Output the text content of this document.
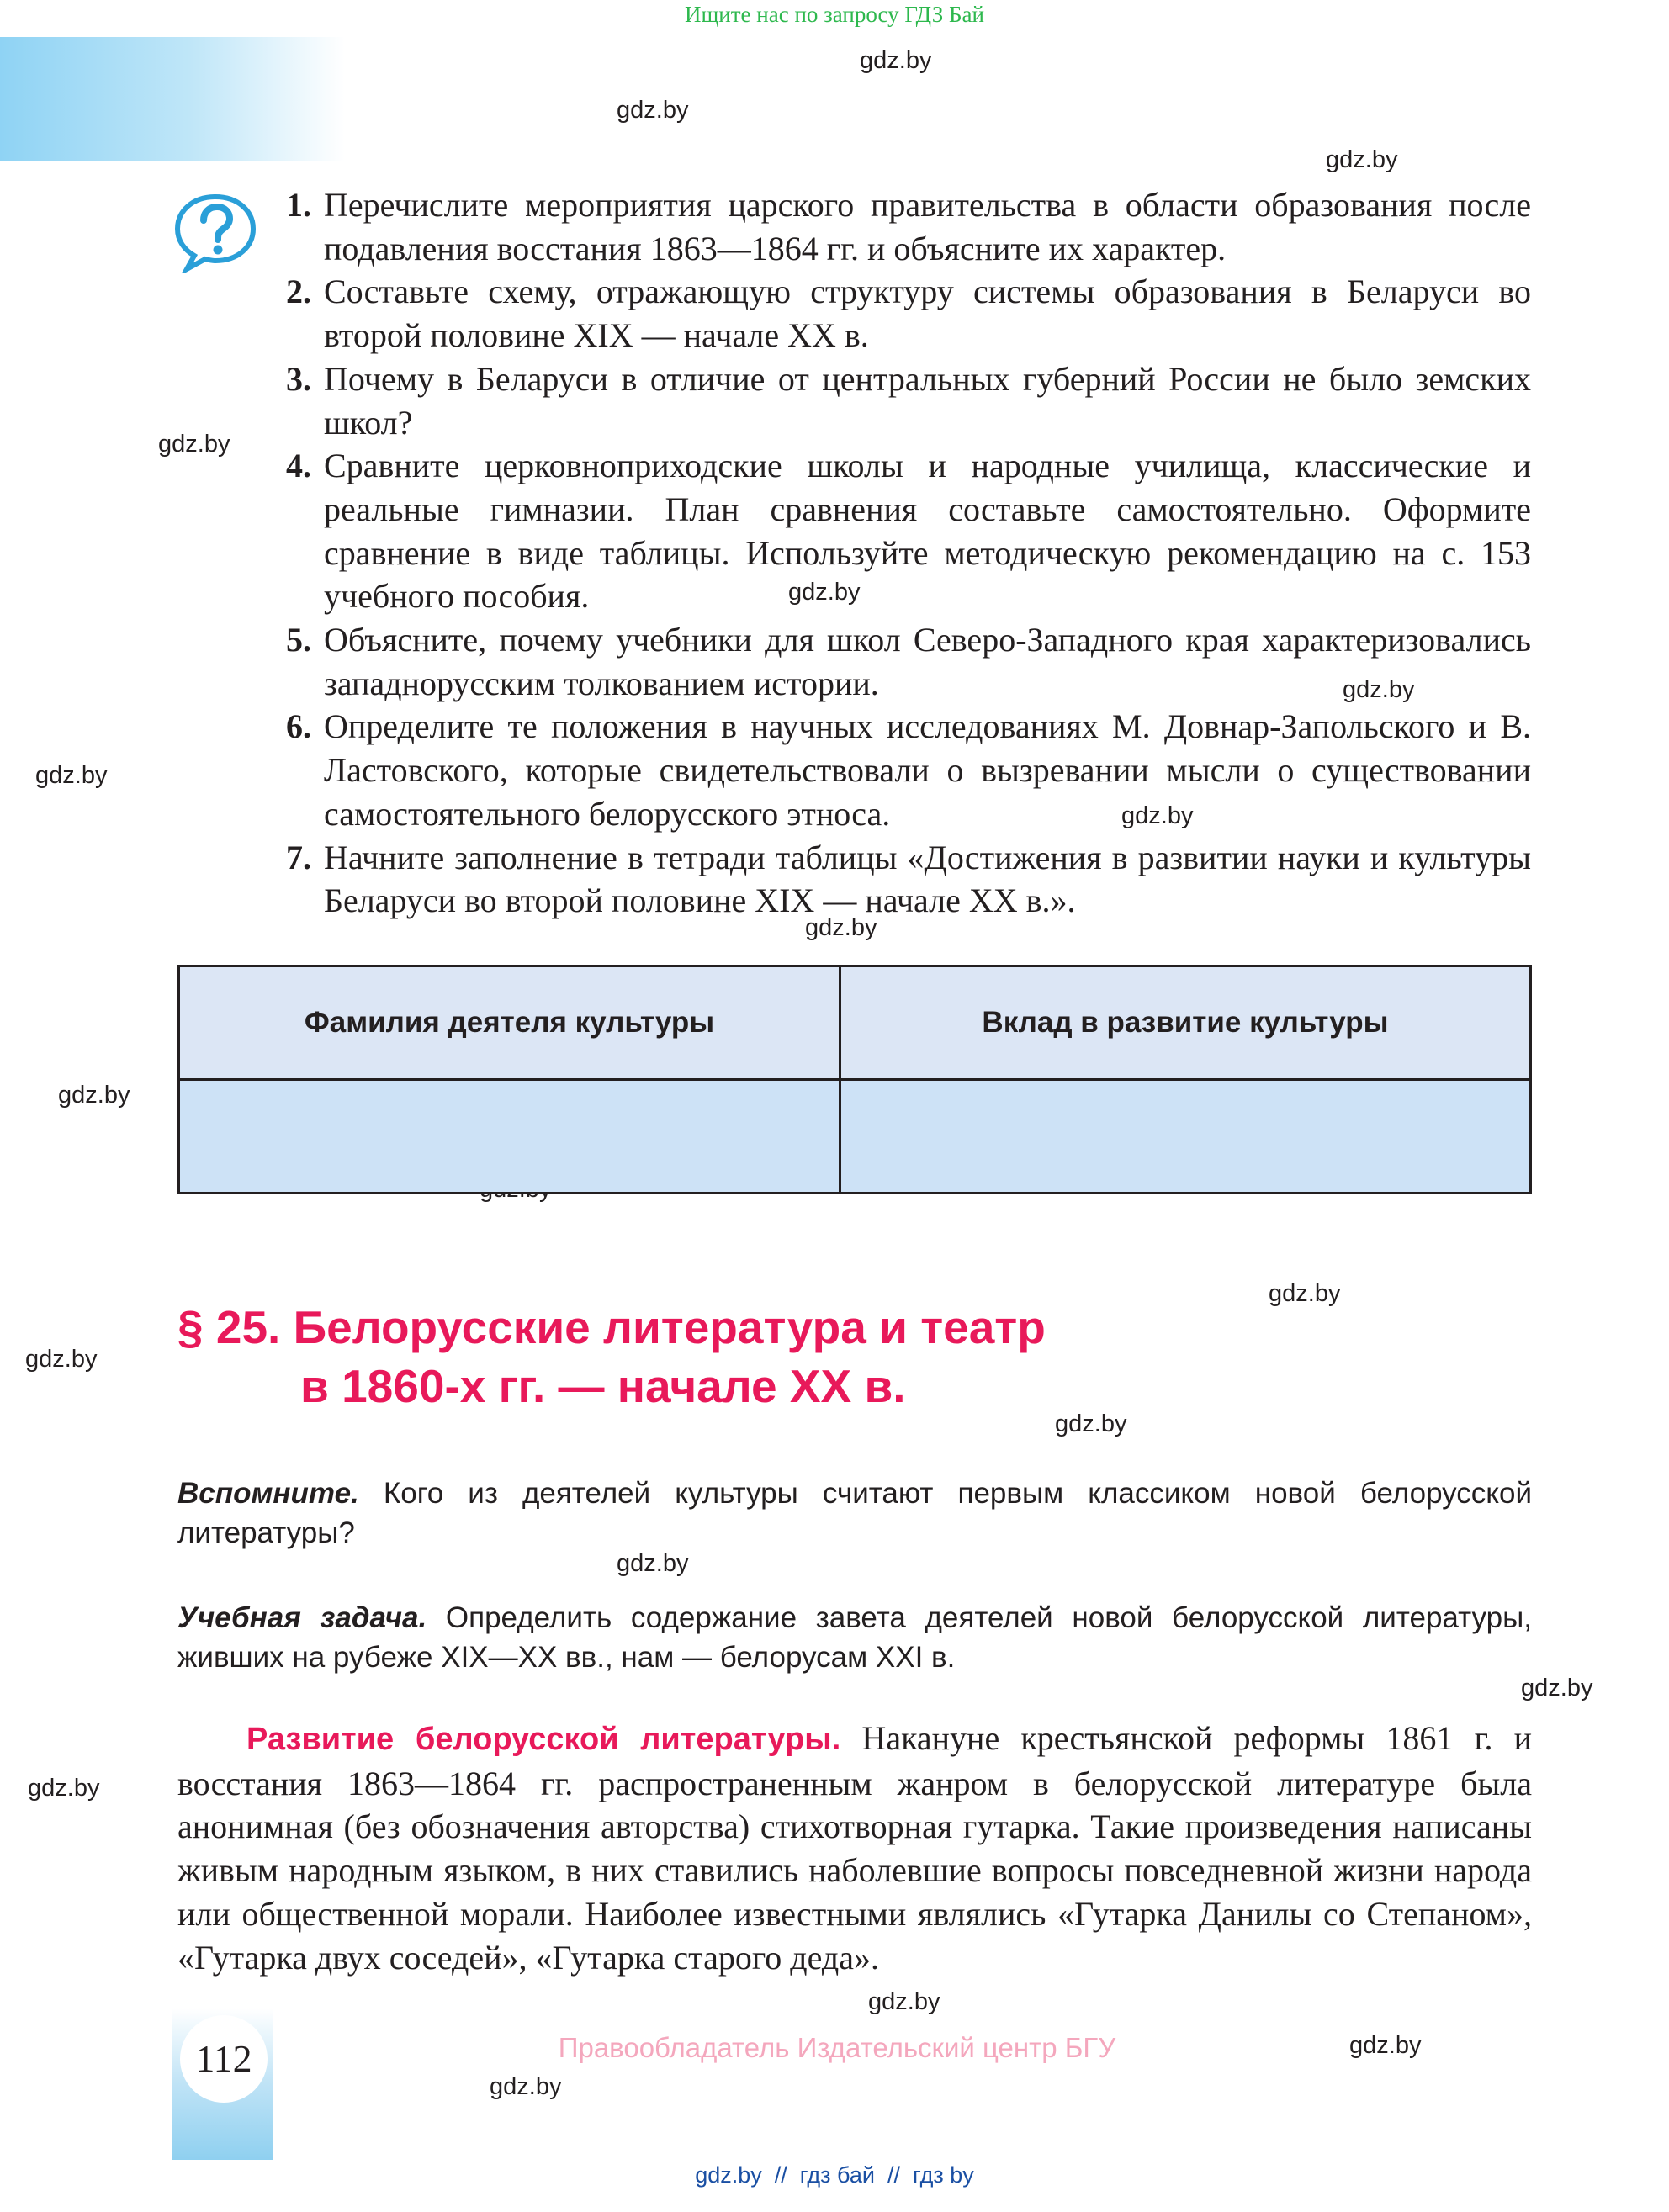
Ищите нас по запросу ГДЗ Бай
gdz.by
gdz.by
gdz.by
gdz.by
gdz.by
gdz.by
gdz.by
gdz.by
gdz.by
gdz.by
gdz.by
gdz.by
gdz.by
gdz.by
gdz.by
gdz.by
gdz.by
gdz.by
gdz.by
1. Перечислите мероприятия царского правительства в области образования после подавления восстания 1863—1864 гг. и объясните их характер.
2. Составьте схему, отражающую структуру системы образования в Беларуси во второй половине XIX — начале XX в.
3. Почему в Беларуси в отличие от центральных губерний России не было земских школ?
4. Сравните церковноприходские школы и народные училища, классические и реальные гимназии. План сравнения составьте самостоятельно. Оформите сравнение в виде таблицы. Используйте методическую рекомендацию на с. 153 учебного пособия.
5. Объясните, почему учебники для школ Северо-Западного края характеризовались западнорусским толкованием истории.
6. Определите те положения в научных исследованиях М. Довнар-Запольского и В. Ластовского, которые свидетельствовали о вызревании мысли о существовании самостоятельного белорусского этноса.
7. Начните заполнение в тетради таблицы «Достижения в развитии науки и культуры Беларуси во второй половине XIX — начале XX в.».
Фамилия деятеля культуры	Вклад в развитие культуры

§ 25. Белорусские литература и театр
в 1860-х гг. — начале XX в.
Вспомните. Кого из деятелей культуры считают первым классиком новой белорусской литературы?
Учебная задача. Определить содержание завета деятелей новой белорусской литературы, живших на рубеже XIX—XX вв., нам — белорусам XXI в.
Развитие белорусской литературы. Накануне крестьянской реформы 1861 г. и восстания 1863—1864 гг. распространенным жанром в белорусской литературе была анонимная (без обозначения авторства) стихотворная гутарка. Такие произведения написаны живым народным языком, в них ставились наболевшие вопросы повседневной жизни народа или общественной морали. Наиболее известными являлись «Гутарка Данилы со Степаном», «Гутарка двух соседей», «Гутарка старого деда».
112	Правообладатель Издательский центр БГУ
gdz.by  //  гдз бай  //  гдз by
